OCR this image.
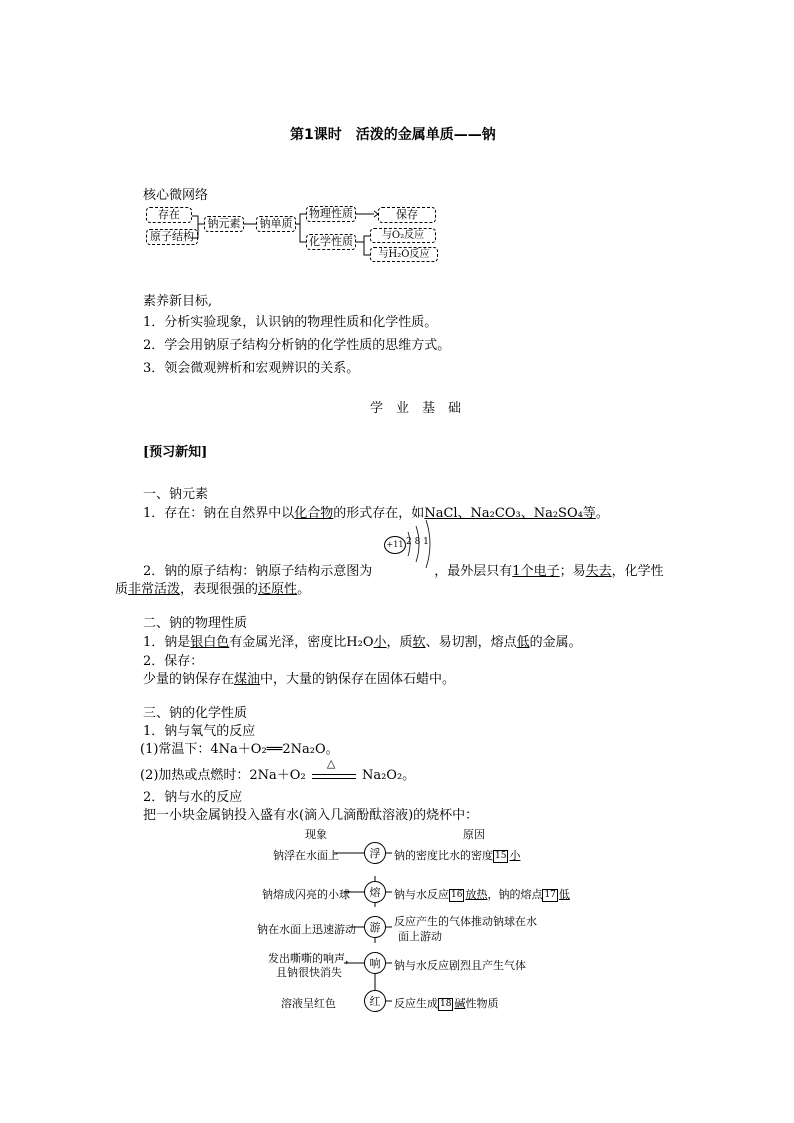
第1课时　活泼的金属单质——钠
核心微网络
存在
原子结构
钠元素	钠单质
物理性质
化学性质
保存
与O₂反应
与H₂O反应
素养新目标,
1．分析实验现象，认识钠的物理性质和化学性质。
2．学会用钠原子结构分析钠的化学性质的思维方式。
3．领会微观辨析和宏观辨识的关系。
学　业　基　础
[预习新知]
一、钠元素
1．存在：钠在自然界中以化合物的形式存在，如NaCl、Na₂CO₃、Na₂SO₄等。
+11 2 8 1
2．钠的原子结构：钠原子结构示意图为	，最外层只有1个电子；易失去，化学性
质非常活泼，表现很强的还原性。
二、钠的物理性质
1．钠是银白色有金属光泽，密度比H₂O小，质软、易切割，熔点低的金属。
2．保存：
少量的钠保存在煤油中，大量的钠保存在固体石蜡中。
三、钠的化学性质
1．钠与氧气的反应
(1)常温下：4Na＋O₂══2Na₂O。
(2)加热或点燃时：2Na＋O₂
△
Na₂O₂。
2．钠与水的反应
把一小块金属钠投入盛有水(滴入几滴酚酞溶液)的烧杯中：
现象	原因
钠浮在水面上	浮	钠的密度比水的密度 15 小
钠熔成闪亮的小球	熔	钠与水反应 16 放热，钠的熔点 17 低
钠在水面上迅速游动	游	反应产生的气体推动钠球在水
面上游动
发出嘶嘶的响声，
且钠很快消失
响	钠与水反应剧烈且产生气体
溶液呈红色	红	反应生成 18 碱性物质
